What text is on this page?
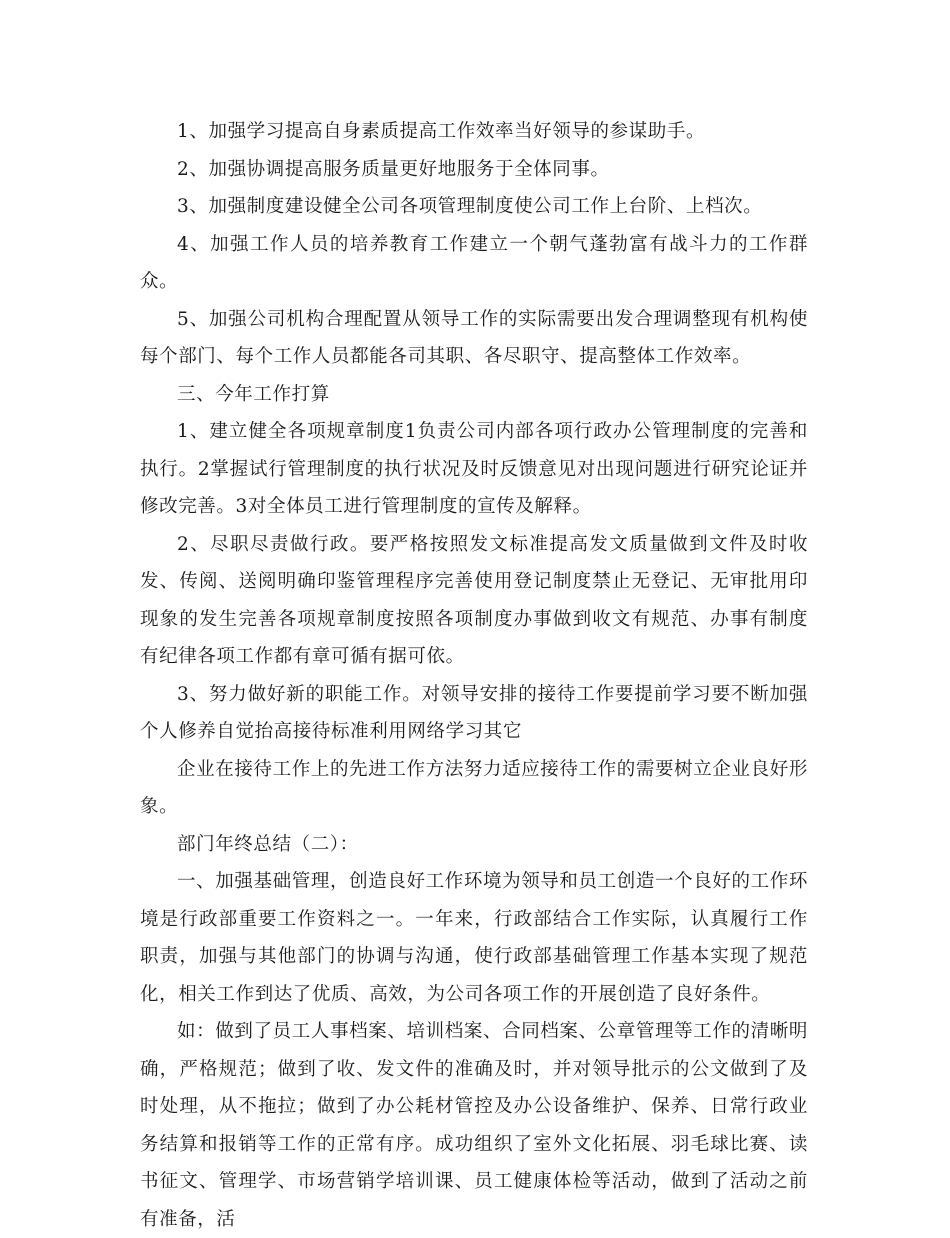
1、加强学习提高自身素质提高工作效率当好领导的参谋助手。

2、加强协调提高服务质量更好地服务于全体同事。

3、加强制度建设健全公司各项管理制度使公司工作上台阶、上档次。

4、加强工作人员的培养教育工作建立一个朝气蓬勃富有战斗力的工作群众。

5、加强公司机构合理配置从领导工作的实际需要出发合理调整现有机构使每个部门、每个工作人员都能各司其职、各尽职守、提高整体工作效率。

三、今年工作打算

1、建立健全各项规章制度1负责公司内部各项行政办公管理制度的完善和执行。2掌握试行管理制度的执行状况及时反馈意见对出现问题进行研究论证并修改完善。3对全体员工进行管理制度的宣传及解释。

2、尽职尽责做行政。要严格按照发文标准提高发文质量做到文件及时收发、传阅、送阅明确印鉴管理程序完善使用登记制度禁止无登记、无审批用印现象的发生完善各项规章制度按照各项制度办事做到收文有规范、办事有制度有纪律各项工作都有章可循有据可依。

3、努力做好新的职能工作。对领导安排的接待工作要提前学习要不断加强个人修养自觉抬高接待标准利用网络学习其它

企业在接待工作上的先进工作方法努力适应接待工作的需要树立企业良好形象。

部门年终总结（二）：

一、加强基础管理，创造良好工作环境为领导和员工创造一个良好的工作环境是行政部重要工作资料之一。一年来，行政部结合工作实际，认真履行工作职责，加强与其他部门的协调与沟通，使行政部基础管理工作基本实现了规范化，相关工作到达了优质、高效，为公司各项工作的开展创造了良好条件。

如：做到了员工人事档案、培训档案、合同档案、公章管理等工作的清晰明确，严格规范；做到了收、发文件的准确及时，并对领导批示的公文做到了及时处理，从不拖拉；做到了办公耗材管控及办公设备维护、保养、日常行政业务结算和报销等工作的正常有序。成功组织了室外文化拓展、羽毛球比赛、读书征文、管理学、市场营销学培训课、员工健康体检等活动，做到了活动之前有准备，活
